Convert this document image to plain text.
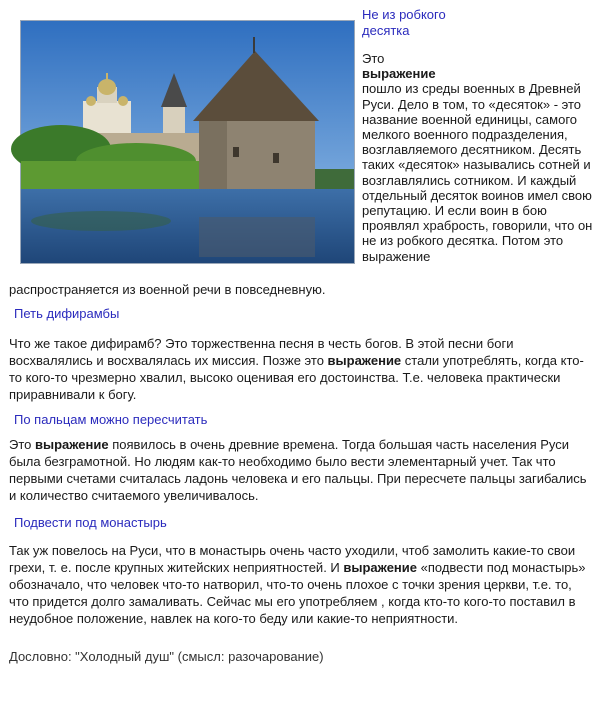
Не из робкого десятка
Это
выражение
пошло из среды военных в Древней Руси. Дело в том, то «десяток» - это название военной единицы, самого мелкого военного подразделения, возглавляемого десятником. Десять таких «десяток» назывались сотней и возглавлялись сотником. И каждый отдельный десяток воинов имел свою репутацию. И если воин в бою проявлял храбрость, говорили, что он не из робкого десятка. Потом это выражение

распространяется из военной речи в повседневную.

Петь дифирамбы

Что же такое дифирамб? Это торжественна песня в честь богов. В этой песни боги восхвалялись и восхвалялась их миссия. Позже это выражение стали употреблять, когда кто-то кого-то чрезмерно хвалил, высоко оценивая его достоинства. Т.е. человека практически приравнивали к богу.

По пальцам можно пересчитать

Это выражение появилось в очень древние времена. Тогда большая часть населения Руси была безграмотной. Но людям как-то необходимо было вести элементарный учет. Так что первыми счетами считалась ладонь человека и его пальцы. При пересчете пальцы загибались и количество считаемого увеличивалось.

Подвести под монастырь

Так уж повелось на Руси, что в монастырь очень часто уходили, чтоб замолить какие-то свои грехи, т. е. после крупных житейских неприятностей. И выражение «подвести под монастырь» обозначало, что человек что-то натворил, что-то очень плохое с точки зрения церкви, т.е. то, что придется долго замаливать. Сейчас мы его употребляем , когда кто-то кого-то поставил в неудобное положение, навлек на кого-то беду или какие-то неприятности.

Дословно: "Холодный душ" (смысл: разочарование)
